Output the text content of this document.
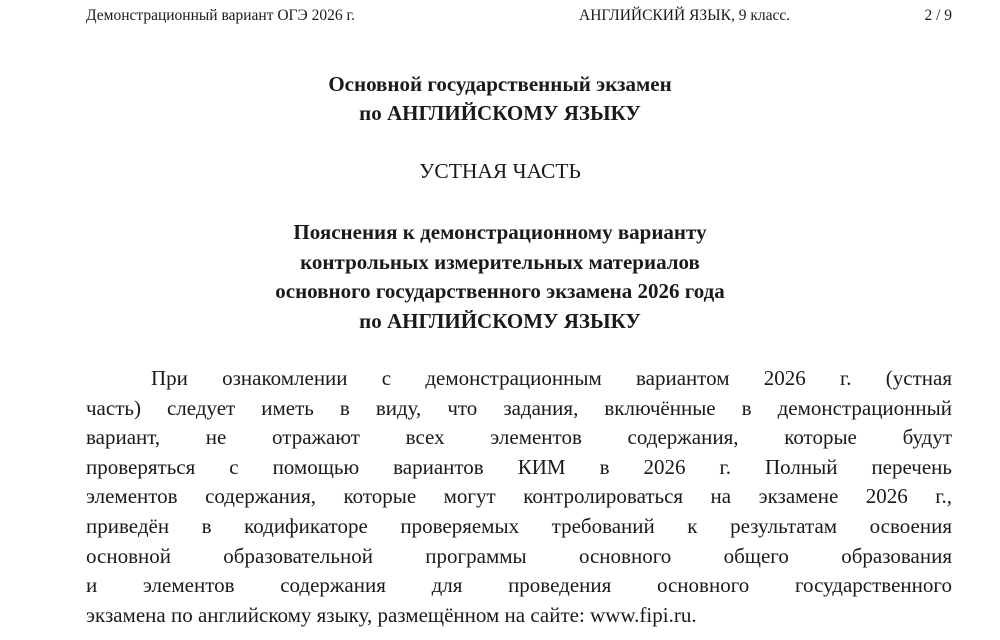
Демонстрационный вариант ОГЭ 2026 г.	АНГЛИЙСКИЙ ЯЗЫК, 9 класс.	2 / 9
Основной государственный экзамен
по АНГЛИЙСКОМУ ЯЗЫКУ
УСТНАЯ ЧАСТЬ
Пояснения к демонстрационному варианту
контрольных измерительных материалов
основного государственного экзамена 2026 года
по АНГЛИЙСКОМУ ЯЗЫКУ
При ознакомлении с демонстрационным вариантом 2026 г. (устная
часть) следует иметь в виду, что задания, включённые в демонстрационный
вариант, не отражают всех элементов содержания, которые будут
проверяться с помощью вариантов КИМ в 2026 г. Полный перечень
элементов содержания, которые могут контролироваться на экзамене 2026 г.,
приведён в кодификаторе проверяемых требований к результатам освоения
основной образовательной программы основного общего образования
и элементов содержания для проведения основного государственного
экзамена по английскому языку, размещённом на сайте: www.fipi.ru.
